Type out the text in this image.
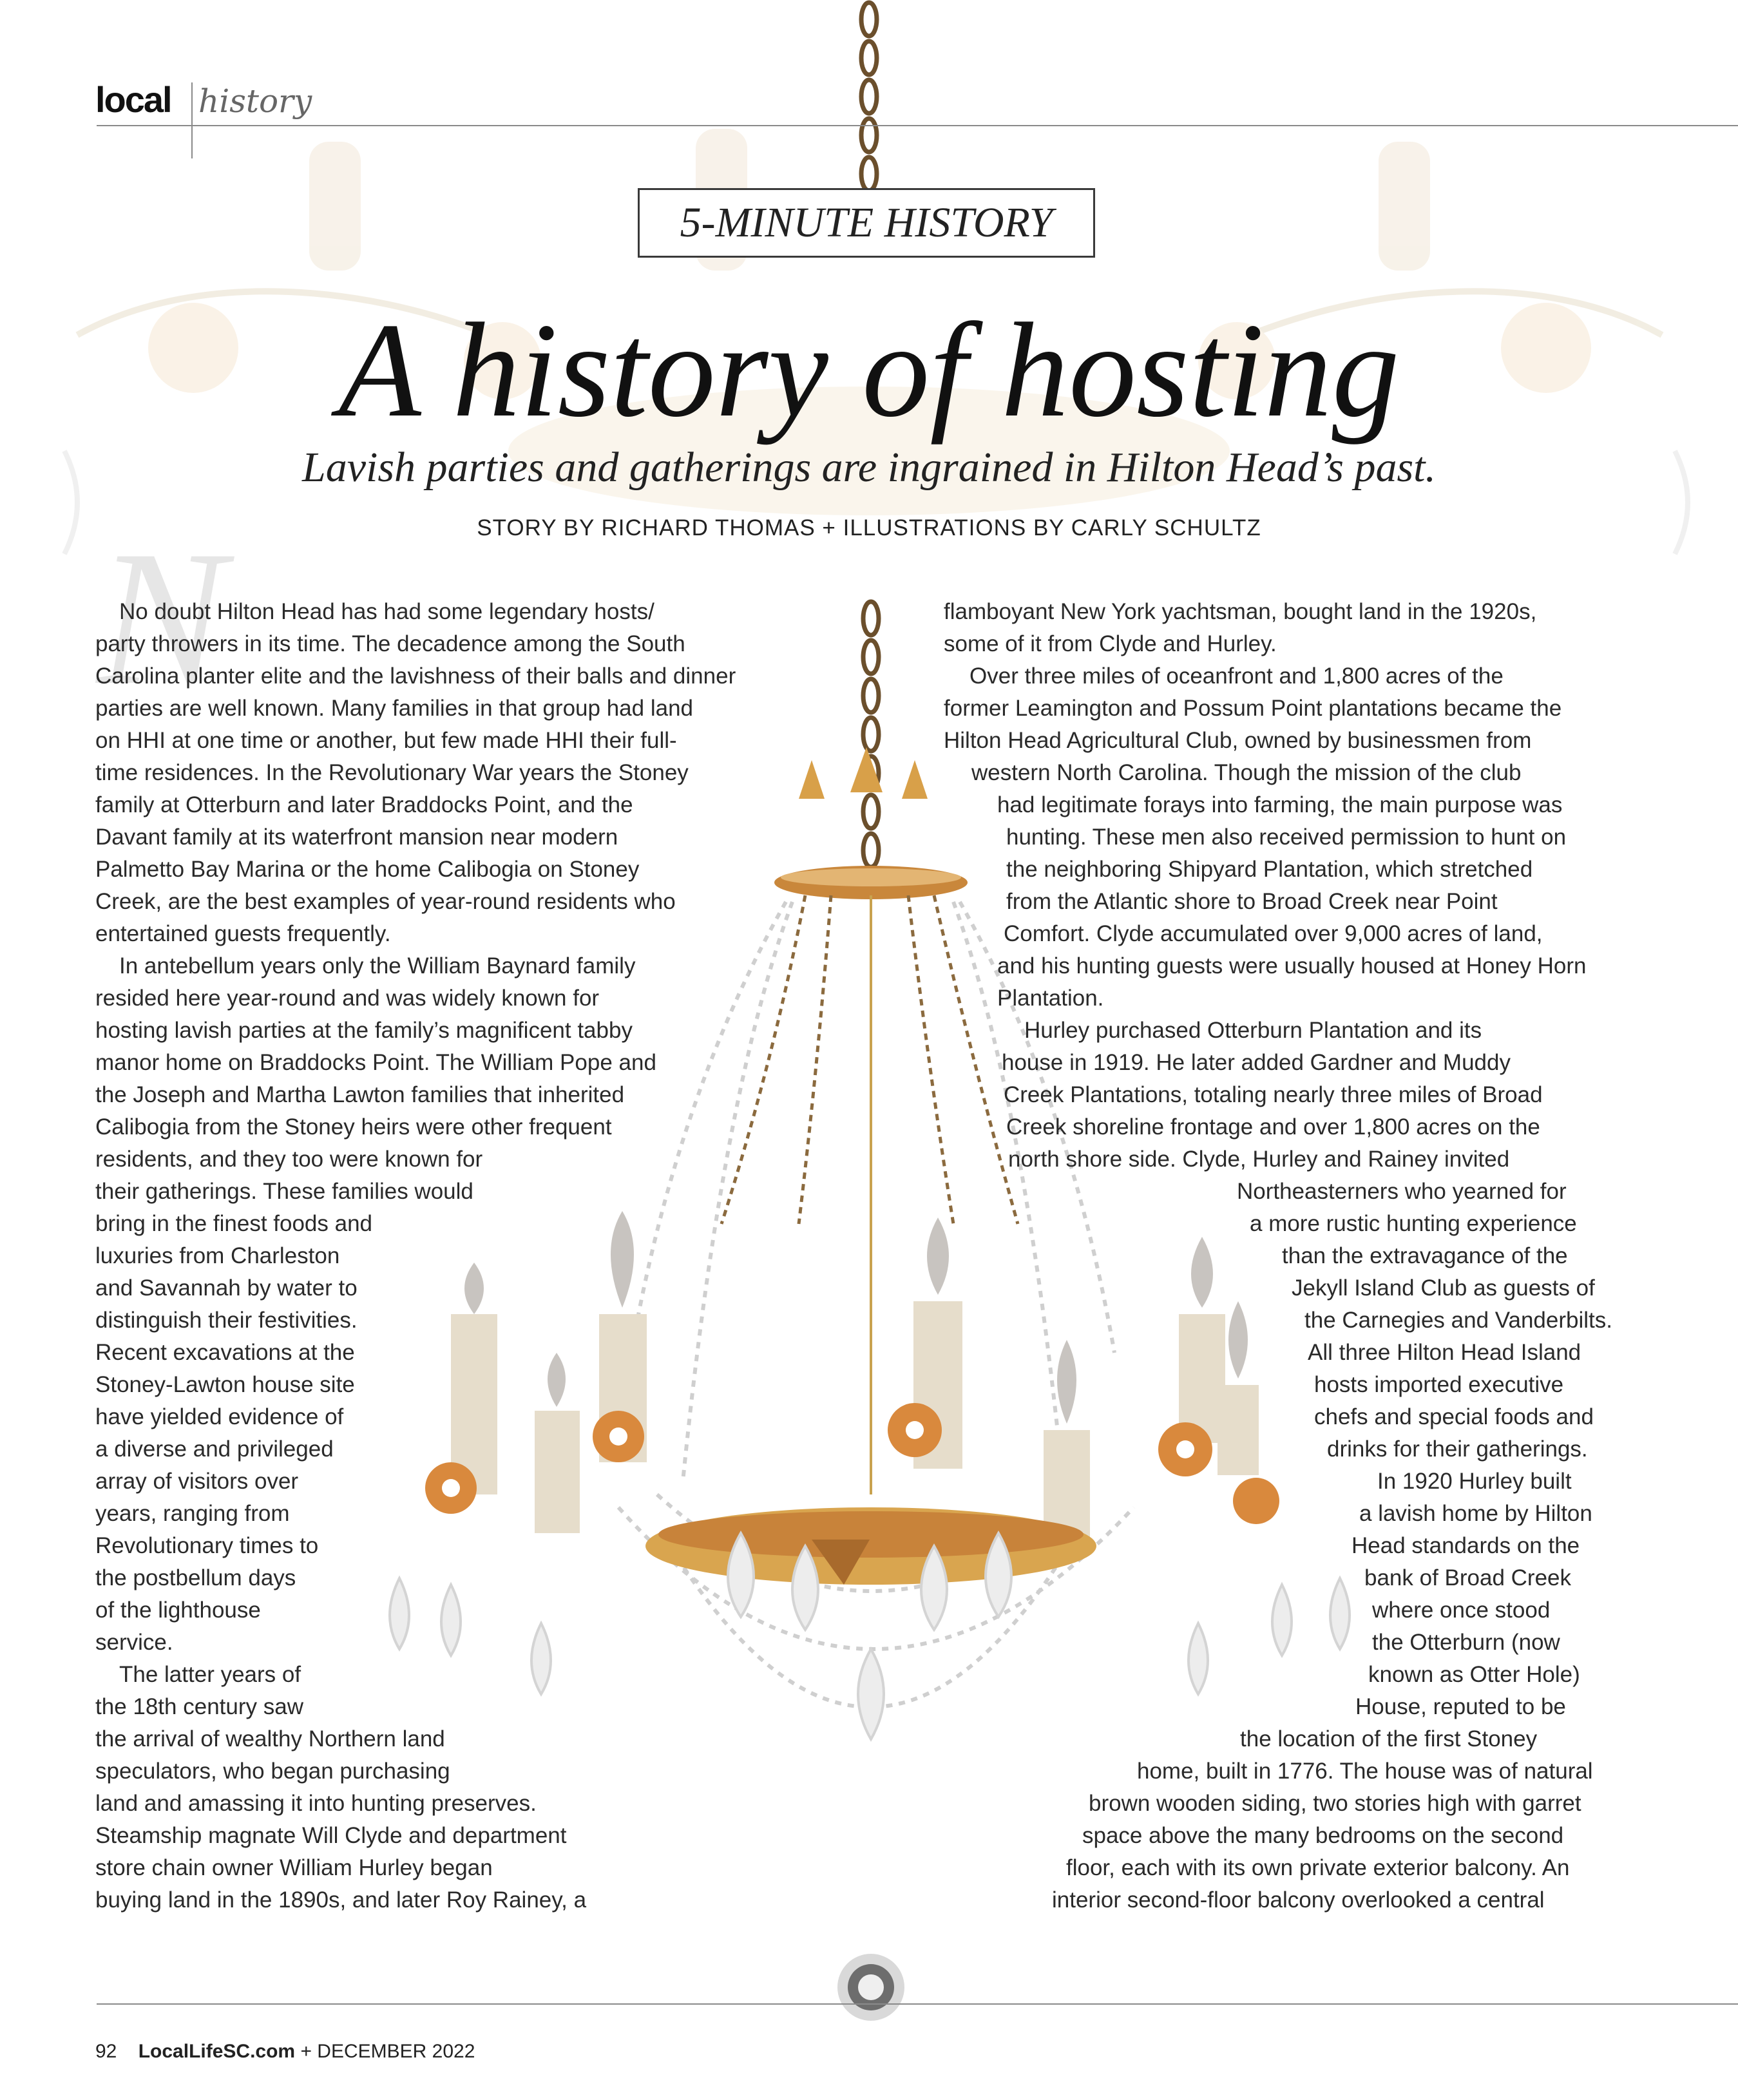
N
local history
5-MINUTE HISTORY
A history of hosting
Lavish parties and gatherings are ingrained in Hilton Head’s past.
STORY BY RICHARD THOMAS + ILLUSTRATIONS BY CARLY SCHULTZ
No doubt Hilton Head has had some legendary hosts/
party throwers in its time. The decadence among the South
Carolina planter elite and the lavishness of their balls and dinner
parties are well known. Many families in that group had land
on HHI at one time or another, but few made HHI their full-
time residences. In the Revolutionary War years the Stoney
family at Otterburn and later Braddocks Point, and the
Davant family at its waterfront mansion near modern
Palmetto Bay Marina or the home Calibogia on Stoney
Creek, are the best examples of year-round residents who
entertained guests frequently.
In antebellum years only the William Baynard family
resided here year-round and was widely known for
hosting lavish parties at the family’s magnificent tabby
manor home on Braddocks Point. The William Pope and
the Joseph and Martha Lawton families that inherited
Calibogia from the Stoney heirs were other frequent
residents, and they too were known for
their gatherings. These families would
bring in the finest foods and
luxuries from Charleston
and Savannah by water to
distinguish their festivities.
Recent excavations at the
Stoney-Lawton house site
have yielded evidence of
a diverse and privileged
array of visitors over
years, ranging from
Revolutionary times to
the postbellum days
of the lighthouse
service.
The latter years of
the 18th century saw
the arrival of wealthy Northern land
speculators, who began purchasing
land and amassing it into hunting preserves.
Steamship magnate Will Clyde and department
store chain owner William Hurley began
buying land in the 1890s, and later Roy Rainey, a
flamboyant New York yachtsman, bought land in the 1920s,
some of it from Clyde and Hurley.
Over three miles of oceanfront and 1,800 acres of the
former Leamington and Possum Point plantations became the
Hilton Head Agricultural Club, owned by businessmen from
western North Carolina. Though the mission of the club
had legitimate forays into farming, the main purpose was
hunting. These men also received permission to hunt on
the neighboring Shipyard Plantation, which stretched
from the Atlantic shore to Broad Creek near Point
Comfort. Clyde accumulated over 9,000 acres of land,
and his hunting guests were usually housed at Honey Horn
Plantation.
Hurley purchased Otterburn Plantation and its
house in 1919. He later added Gardner and Muddy
Creek Plantations, totaling nearly three miles of Broad
Creek shoreline frontage and over 1,800 acres on the
north shore side. Clyde, Hurley and Rainey invited
Northeasterners who yearned for
a more rustic hunting experience
than the extravagance of the
Jekyll Island Club as guests of
the Carnegies and Vanderbilts.
All three Hilton Head Island
hosts imported executive
chefs and special foods and
drinks for their gatherings.
In 1920 Hurley built
a lavish home by Hilton
Head standards on the
bank of Broad Creek
where once stood
the Otterburn (now
known as Otter Hole)
House, reputed to be
the location of the first Stoney
home, built in 1776. The house was of natural
brown wooden siding, two stories high with garret
space above the many bedrooms on the second
floor, each with its own private exterior balcony. An
interior second-floor balcony overlooked a central
92 LocalLifeSC.com + DECEMBER 2022
